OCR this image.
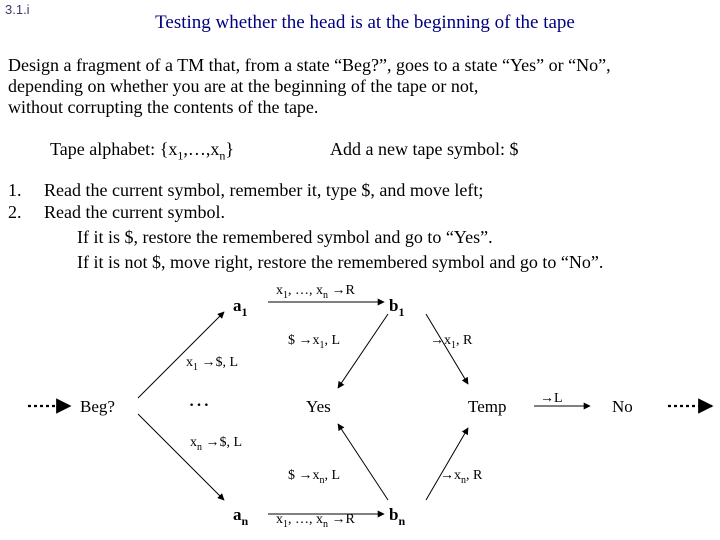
3.1.i
Testing whether the head is at the beginning of the tape
Design a fragment of a TM that, from a state “Beg?”, goes to a state “Yes” or “No”,
depending on whether you are at the beginning of the tape or not,
without corrupting the contents of the tape.
Tape alphabet: $\{x_1,\dots,x_n\}$	Add a new tape symbol: $
1. Read the current symbol, remember it, type $, and move left;
2. Read the current symbol.
If it is $, restore the remembered symbol and go to “Yes”.
If it is not $, move right, restore the remembered symbol and go to “No”.
Beg?	…
$a_1$
$a_n$
$b_1$
$b_n$
Yes	Temp	No
$x_1$ →$, L
$x_n$ →$, L
$x_1$, …, $x_n \to R$
$x_1$, …, $x_n \to R$
$ $\to x_1$, L
$ $\to x_n$, L
$\to x_1$, R
$\to x_n$, R
→L
